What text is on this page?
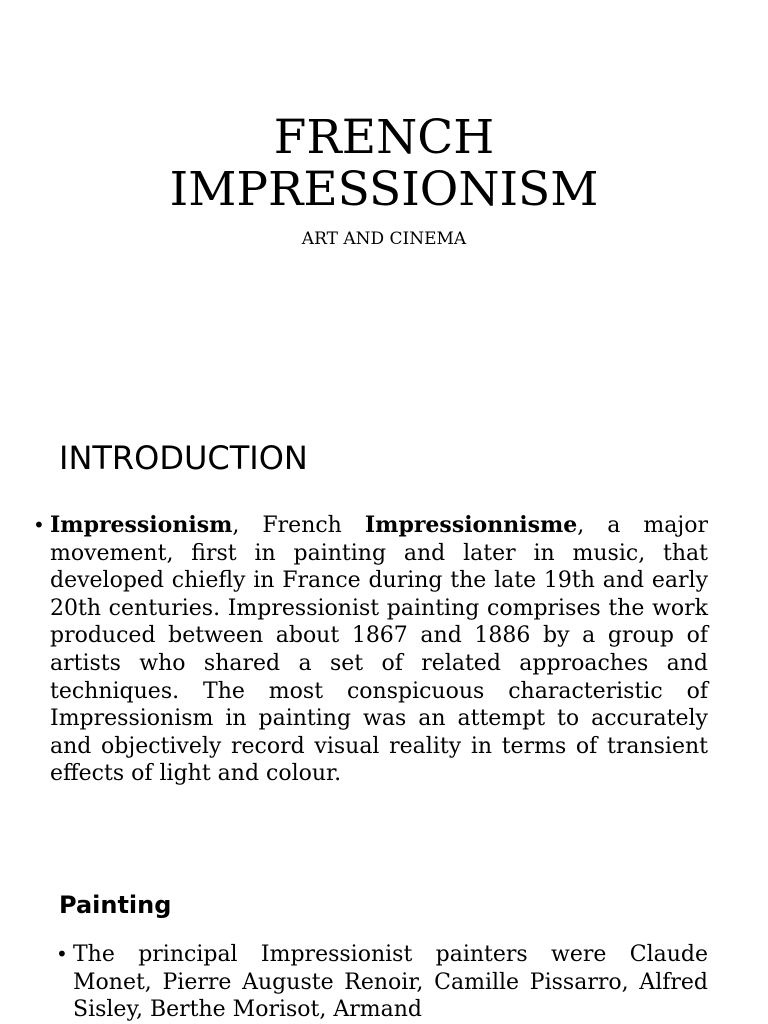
FRENCH
IMPRESSIONISM
ART AND CINEMA
INTRODUCTION
• Impressionism, French Impressionnisme, a major movement, first in painting and later in music, that developed chiefly in France during the late 19th and early 20th centuries. Impressionist painting comprises the work produced between about 1867 and 1886 by a group of artists who shared a set of related approaches and techniques. The most conspicuous characteristic of Impressionism in painting was an attempt to accurately and objectively record visual reality in terms of transient effects of light and colour.
Painting
• The principal Impressionist painters were Claude Monet, Pierre Auguste Renoir, Camille Pissarro, Alfred Sisley, Berthe Morisot, Armand
